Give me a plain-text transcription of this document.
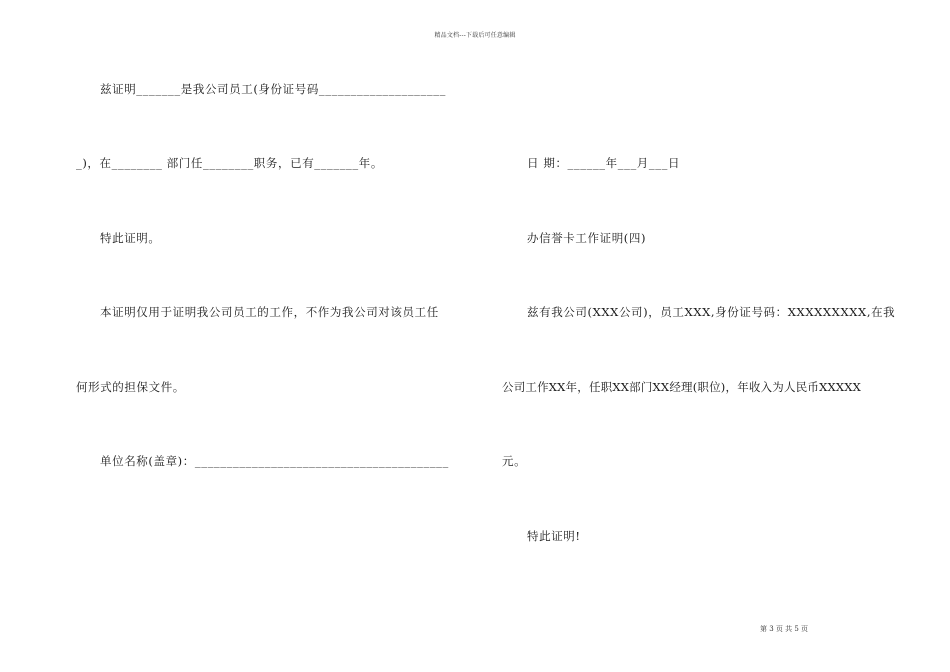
精品文档---下载后可任意编辑
兹证明_______是我公司员工(身份证号码____________________
_)，在________ 部门任________职务，已有_______年。
特此证明。
本证明仅用于证明我公司员工的工作，不作为我公司对该员工任
何形式的担保文件。
单位名称(盖章)：________________________________________
日 期：______年___月___日
办信誉卡工作证明(四)
兹有我公司(XXX公司)，员工XXX,身份证号码：XXXXXXXXX,在我
公司工作XX年，任职XX部门XX经理(职位)，年收入为人民币XXXXX
元。
特此证明!
第 3 页 共 5 页
